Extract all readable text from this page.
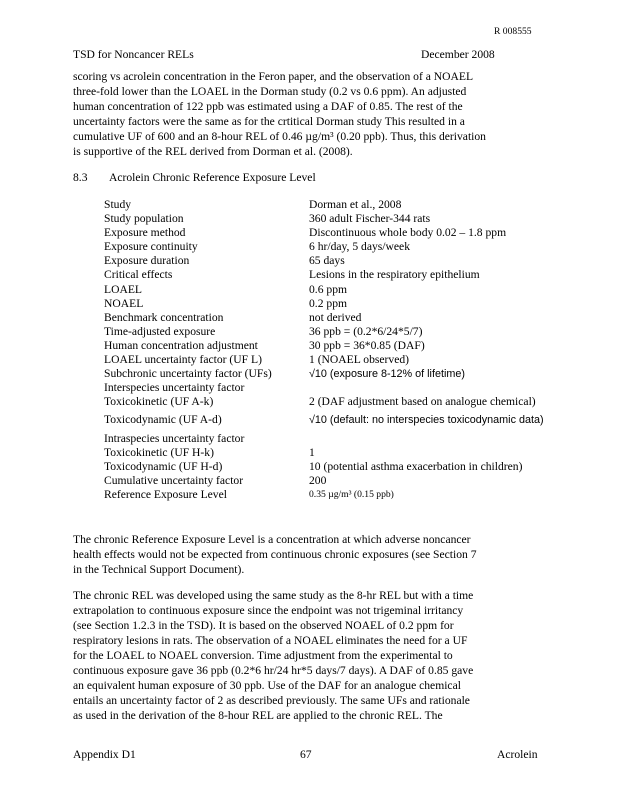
R 008555
TSD for Noncancer RELs	December 2008
scoring vs acrolein concentration in the Feron paper, and the observation of a NOAEL
three-fold lower than the LOAEL in the Dorman study (0.2 vs 0.6 ppm). An adjusted
human concentration of 122 ppb was estimated using a DAF of 0.85. The rest of the
uncertainty factors were the same as for the crtitical Dorman study This resulted in a
cumulative UF of 600 and an 8-hour REL of 0.46 µg/m³ (0.20 ppb). Thus, this derivation
is supportive of the REL derived from Dorman et al. (2008).
8.3 Acrolein Chronic Reference Exposure Level
Study	Dorman et al., 2008
Study population	360 adult Fischer-344 rats
Exposure method	Discontinuous whole body 0.02 – 1.8 ppm
Exposure continuity	6 hr/day, 5 days/week
Exposure duration	65 days
Critical effects	Lesions in the respiratory epithelium
LOAEL	0.6 ppm
NOAEL	0.2 ppm
Benchmark concentration	not derived
Time-adjusted exposure	36 ppb = (0.2*6/24*5/7)
Human concentration adjustment	30 ppb = 36*0.85 (DAF)
LOAEL uncertainty factor (UF L)	1 (NOAEL observed)
Subchronic uncertainty factor (UFs)	√10 (exposure 8-12% of lifetime)
Interspecies uncertainty factor	
Toxicokinetic (UF A-k)	2 (DAF adjustment based on analogue chemical)
Toxicodynamic (UF A-d)	√10 (default: no interspecies toxicodynamic data)
Intraspecies uncertainty factor	
Toxicokinetic (UF H-k)	1
Toxicodynamic (UF H-d)	10 (potential asthma exacerbation in children)
Cumulative uncertainty factor	200
Reference Exposure Level	0.35 µg/m³ (0.15 ppb)
The chronic Reference Exposure Level is a concentration at which adverse noncancer
health effects would not be expected from continuous chronic exposures (see Section 7
in the Technical Support Document).
The chronic REL was developed using the same study as the 8-hr REL but with a time
extrapolation to continuous exposure since the endpoint was not trigeminal irritancy
(see Section 1.2.3 in the TSD). It is based on the observed NOAEL of 0.2 ppm for
respiratory lesions in rats. The observation of a NOAEL eliminates the need for a UF
for the LOAEL to NOAEL conversion. Time adjustment from the experimental to
continuous exposure gave 36 ppb (0.2*6 hr/24 hr*5 days/7 days). A DAF of 0.85 gave
an equivalent human exposure of 30 ppb. Use of the DAF for an analogue chemical
entails an uncertainty factor of 2 as described previously. The same UFs and rationale
as used in the derivation of the 8-hour REL are applied to the chronic REL. The
Appendix D1	67	Acrolein
